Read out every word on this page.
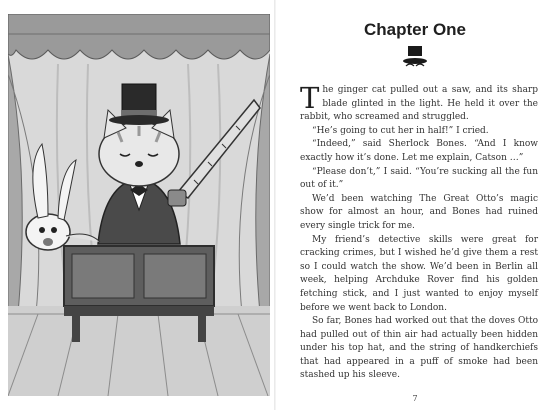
Chapter One

The ginger cat pulled out a saw, and its sharp blade glinted in the light. He held it over the rabbit, who screamed and struggled.

“He’s going to cut her in half!” I cried.

“Indeed,” said Sherlock Bones. “And I know exactly how it’s done. Let me explain, Catson …”

“Please don’t,” I said. “You’re sucking all the fun out of it.”

We’d been watching The Great Otto’s magic show for almost an hour, and Bones had ruined every single trick for me.

My friend’s detective skills were great for cracking crimes, but I wished he’d give them a rest so I could watch the show. We’d been in Berlin all week, helping Archduke Rover find his golden fetching stick, and I just wanted to enjoy myself before we went back to London.

So far, Bones had worked out that the doves Otto had pulled out of thin air had actually been hidden under his top hat, and the string of handkerchiefs that had appeared in a puff of smoke had been stashed up his sleeve.

7
